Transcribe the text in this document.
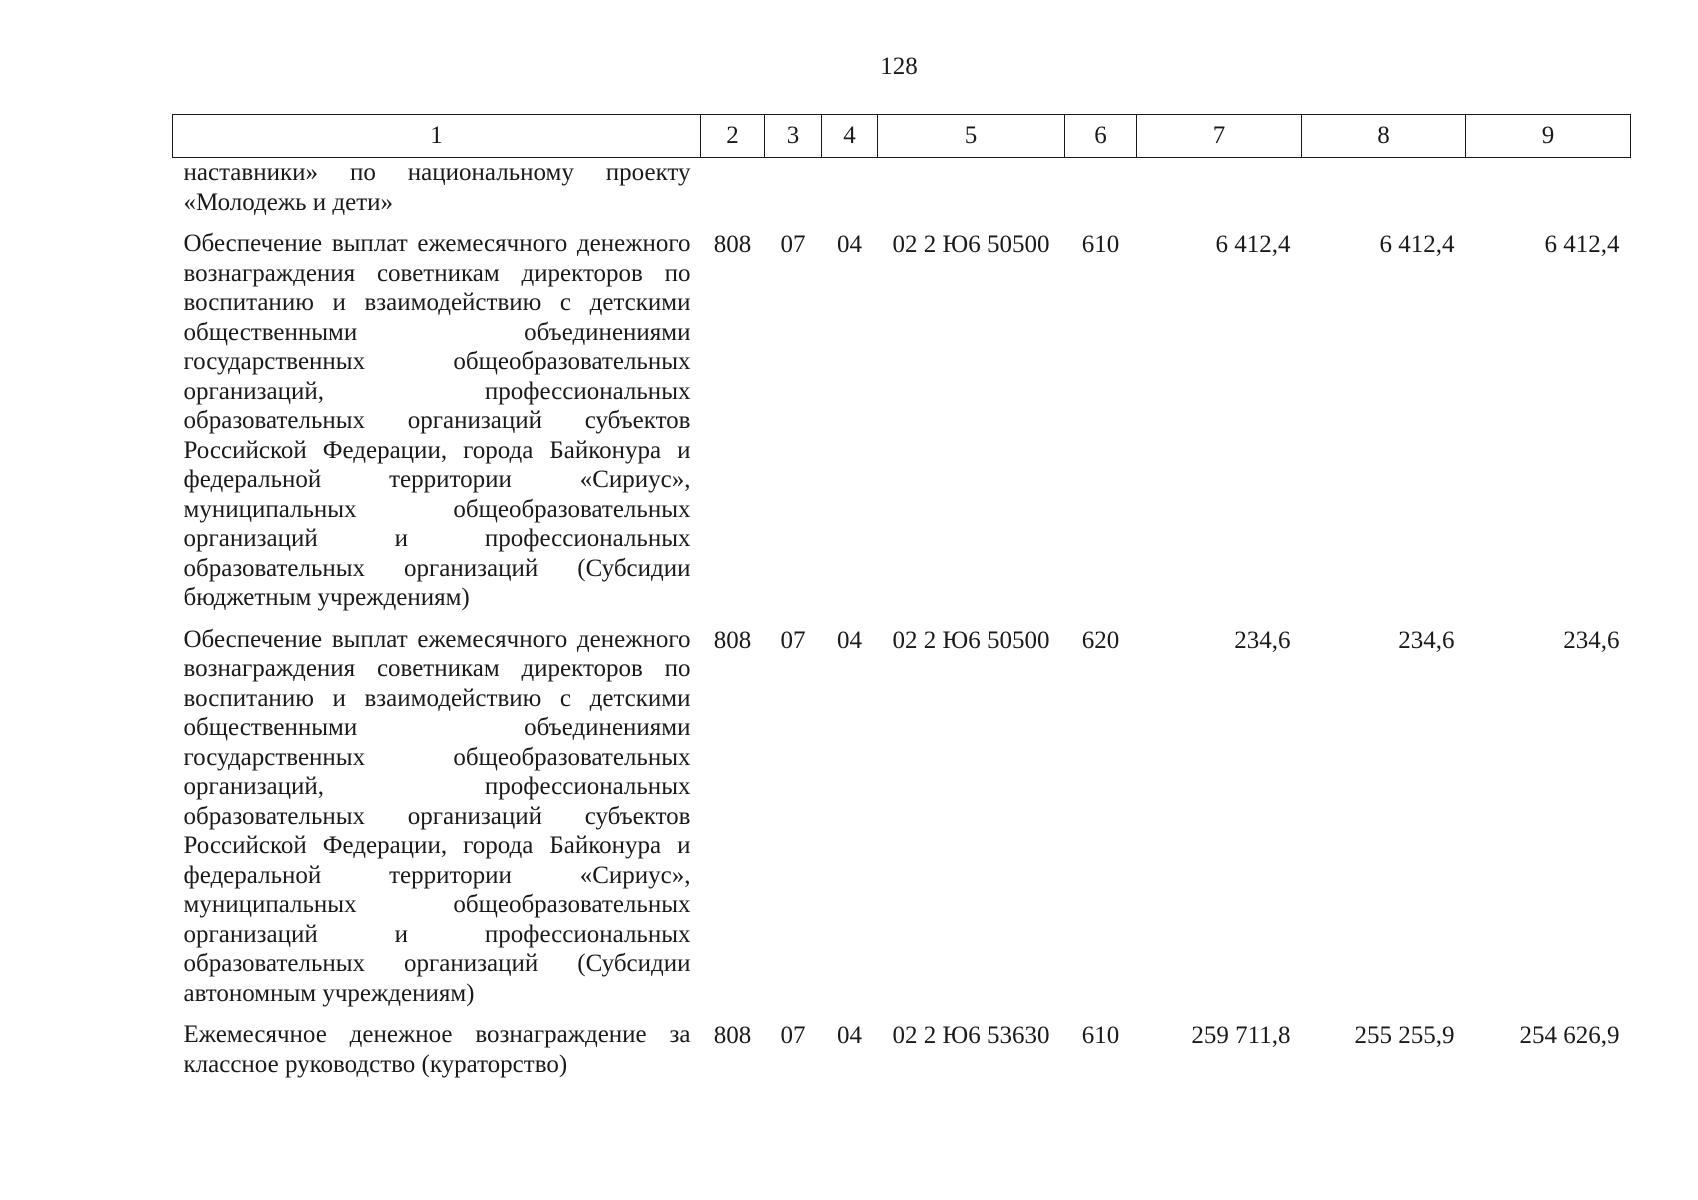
128
1	2	3	4	5	6	7	8	9
наставники» по национальному проекту «Молодежь и дети»								
Обеспечение выплат ежемесячного денежного вознаграждения советникам директоров по воспитанию и взаимодействию с детскими общественными объединениями государственных общеобразовательных организаций, профессиональных образовательных организаций субъектов Российской Федерации, города Байконура и федеральной территории «Сириус», муниципальных общеобразовательных организаций и профессиональных образовательных организаций (Субсидии бюджетным учреждениям)	808	07	04	02 2 Ю6 50500	610	6 412,4	6 412,4	6 412,4
Обеспечение выплат ежемесячного денежного вознаграждения советникам директоров по воспитанию и взаимодействию с детскими общественными объединениями государственных общеобразовательных организаций, профессиональных образовательных организаций субъектов Российской Федерации, города Байконура и федеральной территории «Сириус», муниципальных общеобразовательных организаций и профессиональных образовательных организаций (Субсидии автономным учреждениям)	808	07	04	02 2 Ю6 50500	620	234,6	234,6	234,6
Ежемесячное денежное вознаграждение за классное руководство (кураторство)	808	07	04	02 2 Ю6 53630	610	259 711,8	255 255,9	254 626,9
